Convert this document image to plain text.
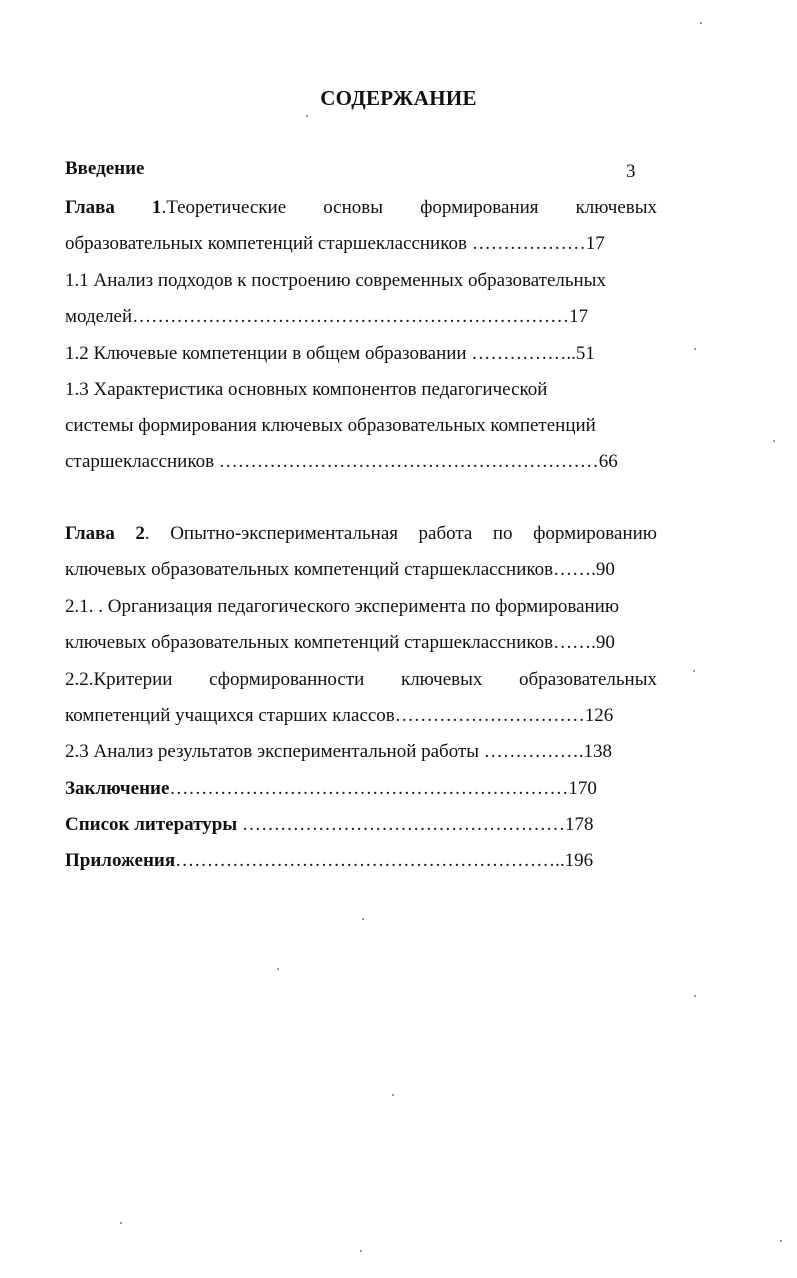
СОДЕРЖАНИЕ
Введение	3
Глава 1.Теоретические основы формирования ключевых
образовательных компетенций старшеклассников ………………17
1.1 Анализ подходов к построению современных образовательных
моделей……………………………………………………………17
1.2 Ключевые компетенции в общем образовании ……………..51
1.3 Характеристика основных компонентов педагогической
системы формирования ключевых образовательных компетенций
старшеклассников ……………………………………………………66
Глава 2. Опытно-экспериментальная работа по формированию
ключевых образовательных компетенций старшеклассников…….90
2.1. . Организация педагогического эксперимента по формированию
ключевых образовательных компетенций старшеклассников…….90
2.2.Критерии сформированности ключевых образовательных
компетенций учащихся старших классов…………………………126
2.3 Анализ результатов экспериментальной работы …………….138
Заключение………………………………………………………170
Список литературы ……………………………………………178
Приложения……………………………………………………..196
